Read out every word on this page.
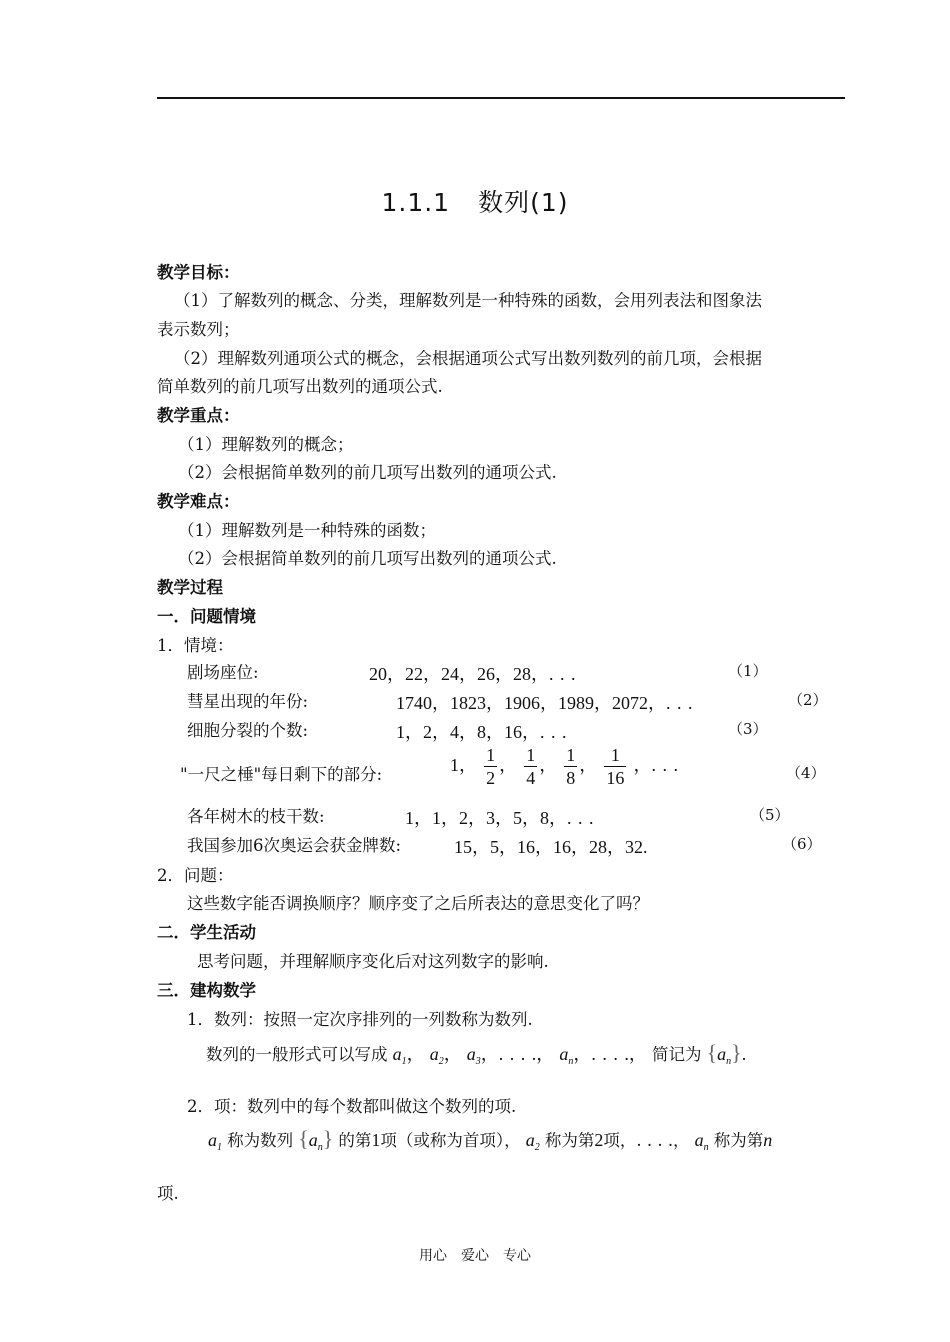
1.1.1 数列(1)
教学目标：
（1）了解数列的概念、分类，理解数列是一种特殊的函数，会用列表法和图象法
表示数列；
（2）理解数列通项公式的概念，会根据通项公式写出数列数列的前几项，会根据
简单数列的前几项写出数列的通项公式.
教学重点：
（1）理解数列的概念；
（2）会根据简单数列的前几项写出数列的通项公式.
教学难点：
（1）理解数列是一种特殊的函数；
（2）会根据简单数列的前几项写出数列的通项公式.
教学过程
一．问题情境
1．情境：
剧场座位:	20，22，24，26，28，. . .	（1）
彗星出现的年份:	1740，1823，1906，1989，2072，. . .	（2）
细胞分裂的个数:	1，2，4，8，16，. . .	（3）
"一尺之棰"每日剩下的部分:	1， $\frac{1}{2}$ ， $\frac{1}{4}$ ， $\frac{1}{8}$ ， $\frac{1}{16}$ ，. . .	（4）
各年树木的枝干数:	1，1，2，3，5，8，. . .	（5）
我国参加6次奥运会获金牌数:	15，5，16，16，28，32.	（6）
2．问题：
这些数字能否调换顺序？顺序变了之后所表达的意思变化了吗？
二．学生活动
思考问题，并理解顺序变化后对这列数字的影响.
三．建构数学
1．数列：按照一定次序排列的一列数称为数列.
数列的一般形式可以写成 $a_1$， $a_2$， $a_3$，. . . .， $a_n$，. . . .， 简记为 $\{a_n\}$.
2．项：数列中的每个数都叫做这个数列的项.
$a_1$ 称为数列 $\{a_n\}$ 的第1项（或称为首项）， $a_2$ 称为第2项，. . . .， $a_n$ 称为第n
项.
用心　爱心　专心
